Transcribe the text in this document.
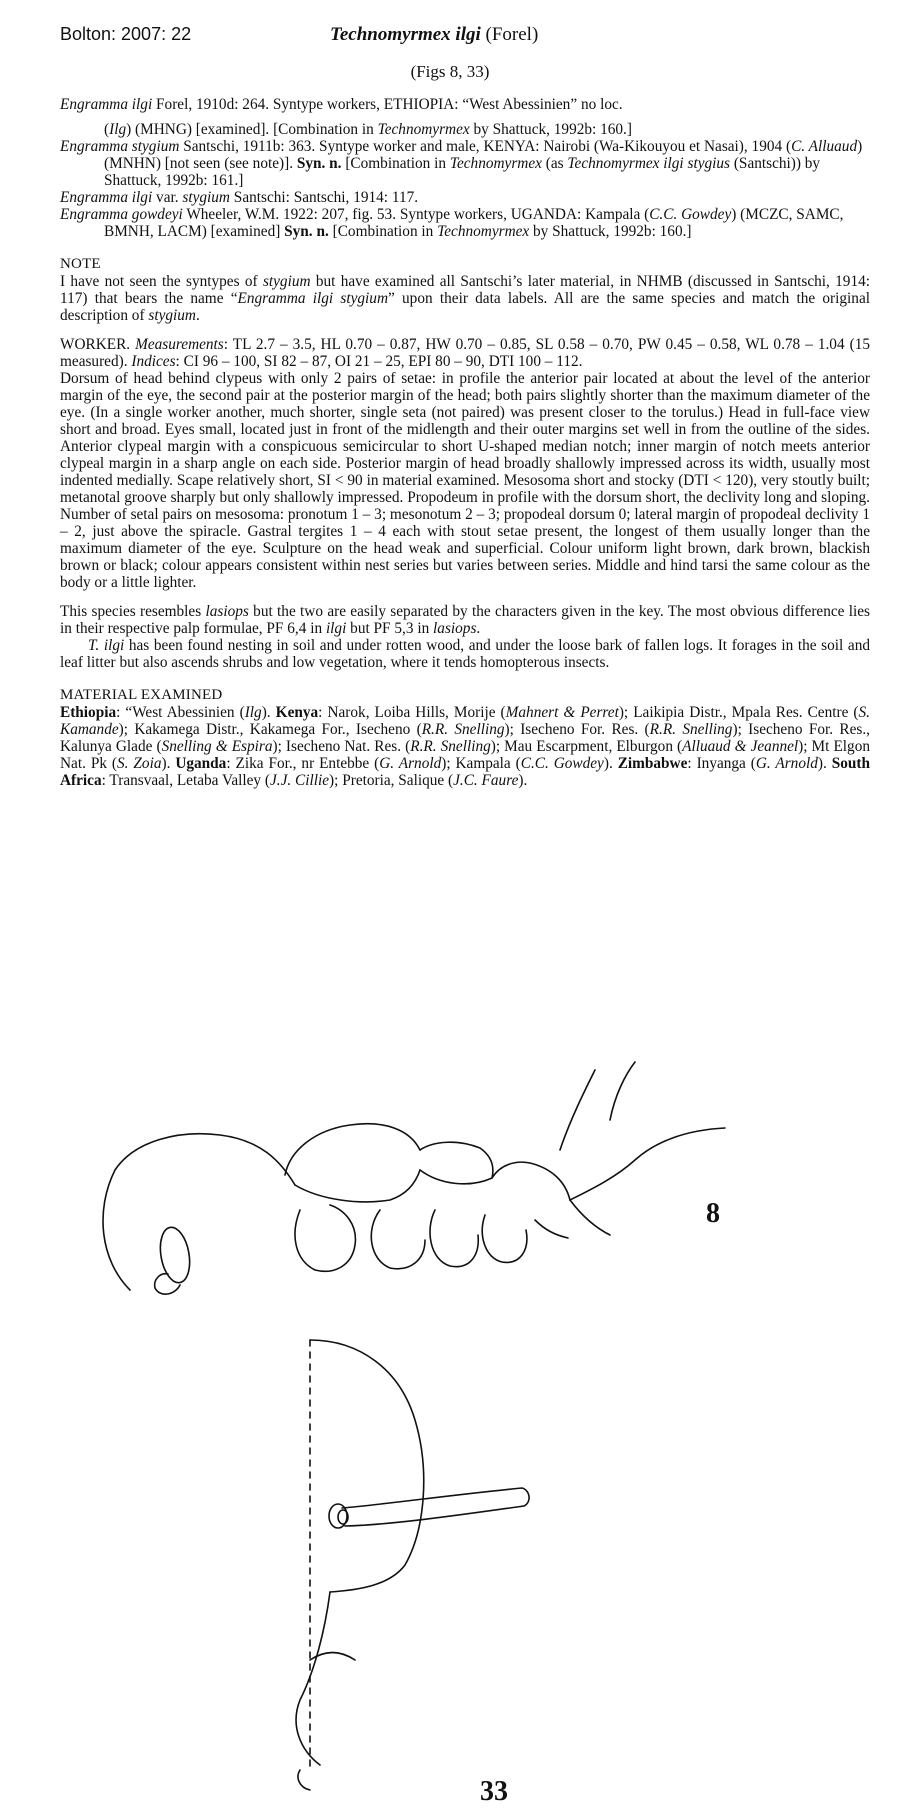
Bolton: 2007: 22	Technomyrmex ilgi (Forel)
(Figs 8, 33)
Engramma ilgi Forel, 1910d: 264. Syntype workers, ETHIOPIA: “West Abessinien” no loc.
(Ilg) (MHNG) [examined]. [Combination in Technomyrmex by Shattuck, 1992b: 160.]
Engramma stygium Santschi, 1911b: 363. Syntype worker and male, KENYA: Nairobi (Wa-Kikouyou et Nasai), 1904 (C. Alluaud) (MNHN) [not seen (see note)]. Syn. n. [Combination in Technomyrmex (as Technomyrmex ilgi stygius (Santschi)) by Shattuck, 1992b: 161.]
Engramma ilgi var. stygium Santschi: Santschi, 1914: 117.
Engramma gowdeyi Wheeler, W.M. 1922: 207, fig. 53. Syntype workers, UGANDA: Kampala (C.C. Gowdey) (MCZC, SAMC, BMNH, LACM) [examined] Syn. n. [Combination in Technomyrmex by Shattuck, 1992b: 160.]
NOTE

I have not seen the syntypes of stygium but have examined all Santschi’s later material, in NHMB (discussed in Santschi, 1914: 117) that bears the name “Engramma ilgi stygium” upon their data labels. All are the same species and match the original description of stygium.

WORKER. Measurements: TL 2.7 – 3.5, HL 0.70 – 0.87, HW 0.70 – 0.85, SL 0.58 – 0.70, PW 0.45 – 0.58, WL 0.78 – 1.04 (15 measured). Indices: CI 96 – 100, SI 82 – 87, OI 21 – 25, EPI 80 – 90, DTI 100 – 112.

Dorsum of head behind clypeus with only 2 pairs of setae: in profile the anterior pair located at about the level of the anterior margin of the eye, the second pair at the posterior margin of the head; both pairs slightly shorter than the maximum diameter of the eye. (In a single worker another, much shorter, single seta (not paired) was present closer to the torulus.) Head in full-face view short and broad. Eyes small, located just in front of the midlength and their outer margins set well in from the outline of the sides. Anterior clypeal margin with a conspicuous semicircular to short U-shaped median notch; inner margin of notch meets anterior clypeal margin in a sharp angle on each side. Posterior margin of head broadly shallowly impressed across its width, usually most indented medially. Scape relatively short, SI < 90 in material examined. Mesosoma short and stocky (DTI < 120), very stoutly built; metanotal groove sharply but only shallowly impressed. Propodeum in profile with the dorsum short, the declivity long and sloping. Number of setal pairs on mesosoma: pronotum 1 – 3; mesonotum 2 – 3; propodeal dorsum 0; lateral margin of propodeal declivity 1 – 2, just above the spiracle. Gastral tergites 1 – 4 each with stout setae present, the longest of them usually longer than the maximum diameter of the eye. Sculpture on the head weak and superficial. Colour uniform light brown, dark brown, blackish brown or black; colour appears consistent within nest series but varies between series. Middle and hind tarsi the same colour as the body or a little lighter.

This species resembles lasiops but the two are easily separated by the characters given in the key. The most obvious difference lies in their respective palp formulae, PF 6,4 in ilgi but PF 5,3 in lasiops.

T. ilgi has been found nesting in soil and under rotten wood, and under the loose bark of fallen logs. It forages in the soil and leaf litter but also ascends shrubs and low vegetation, where it tends homopterous insects.

MATERIAL EXAMINED

Ethiopia: “West Abessinien (Ilg). Kenya: Narok, Loiba Hills, Morije (Mahnert & Perret); Laikipia Distr., Mpala Res. Centre (S. Kamande); Kakamega Distr., Kakamega For., Isecheno (R.R. Snelling); Isecheno For. Res. (R.R. Snelling); Isecheno For. Res., Kalunya Glade (Snelling & Espira); Isecheno Nat. Res. (R.R. Snelling); Mau Escarpment, Elburgon (Alluaud & Jeannel); Mt Elgon Nat. Pk (S. Zoia). Uganda: Zika For., nr Entebbe (G. Arnold); Kampala (C.C. Gowdey). Zimbabwe: Inyanga (G. Arnold). South Africa: Transvaal, Letaba Valley (J.J. Cillie); Pretoria, Salique (J.C. Faure).

8
33
